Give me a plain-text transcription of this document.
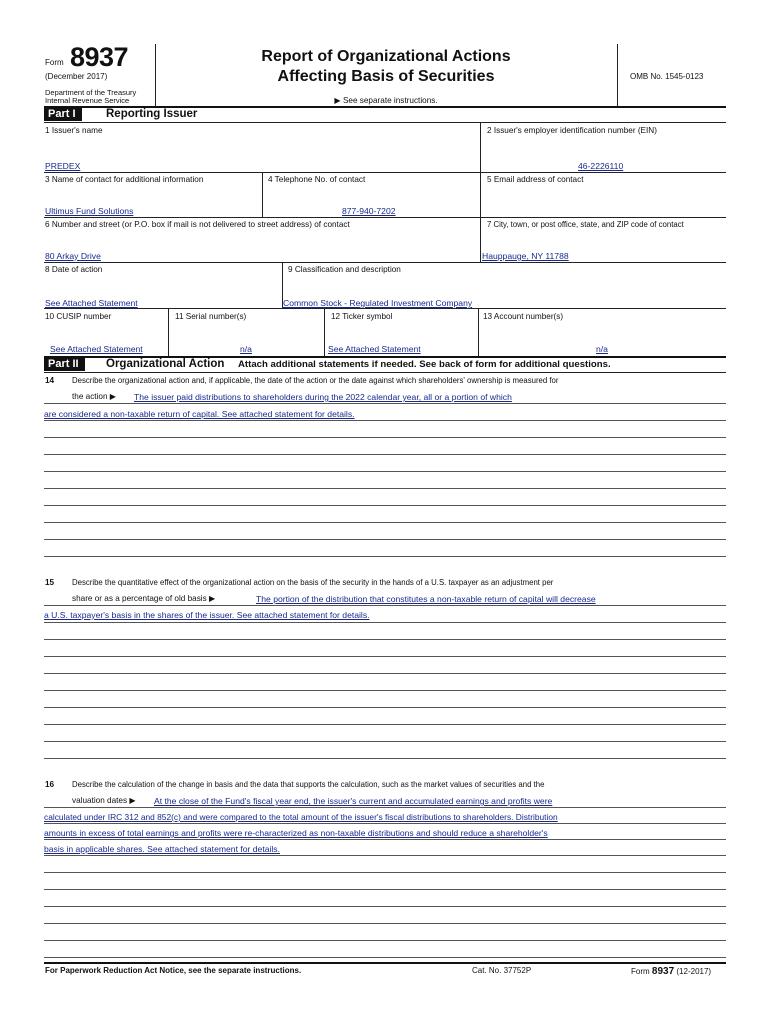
Form 8937
(December 2017)
Department of the Treasury
Internal Revenue Service
Report of Organizational Actions
Affecting Basis of Securities
▶ See separate instructions.
OMB No. 1545-0123
Part I	Reporting Issuer
1 Issuer's name
PREDEX
2 Issuer's employer identification number (EIN)
46-2226110
3 Name of contact for additional information
Ultimus Fund Solutions
4 Telephone No. of contact
877-940-7202
5 Email address of contact
6 Number and street (or P.O. box if mail is not delivered to street address) of contact
80 Arkay Drive
7 City, town, or post office, state, and ZIP code of contact
Hauppauge, NY 11788
8 Date of action
See Attached Statement
9 Classification and description
Common Stock - Regulated Investment Company
10 CUSIP number
See Attached Statement
11 Serial number(s)
n/a
12 Ticker symbol
See Attached Statement
13 Account number(s)
n/a
Part II	Organizational Action Attach additional statements if needed. See back of form for additional questions.
14 Describe the organizational action and, if applicable, the date of the action or the date against which shareholders' ownership is measured for
the action ▶ The issuer paid distributions to shareholders during the 2022 calendar year, all or a portion of which
are considered a non-taxable return of capital. See attached statement for details.
15 Describe the quantitative effect of the organizational action on the basis of the security in the hands of a U.S. taxpayer as an adjustment per
share or as a percentage of old basis ▶	The portion of the distribution that constitutes a non-taxable return of capital will decrease
a U.S. taxpayer's basis in the shares of the issuer. See attached statement for details.
16 Describe the calculation of the change in basis and the data that supports the calculation, such as the market values of securities and the
valuation dates ▶ At the close of the Fund's fiscal year end, the issuer's current and accumulated earnings and profits were
calculated under IRC 312 and 852(c) and were compared to the total amount of the issuer's fiscal distributions to shareholders. Distribution
amounts in excess of total earnings and profits were re-characterized as non-taxable distributions and should reduce a shareholder's
basis in applicable shares. See attached statement for details.
For Paperwork Reduction Act Notice, see the separate instructions.	Cat. No. 37752P	Form 8937 (12-2017)
